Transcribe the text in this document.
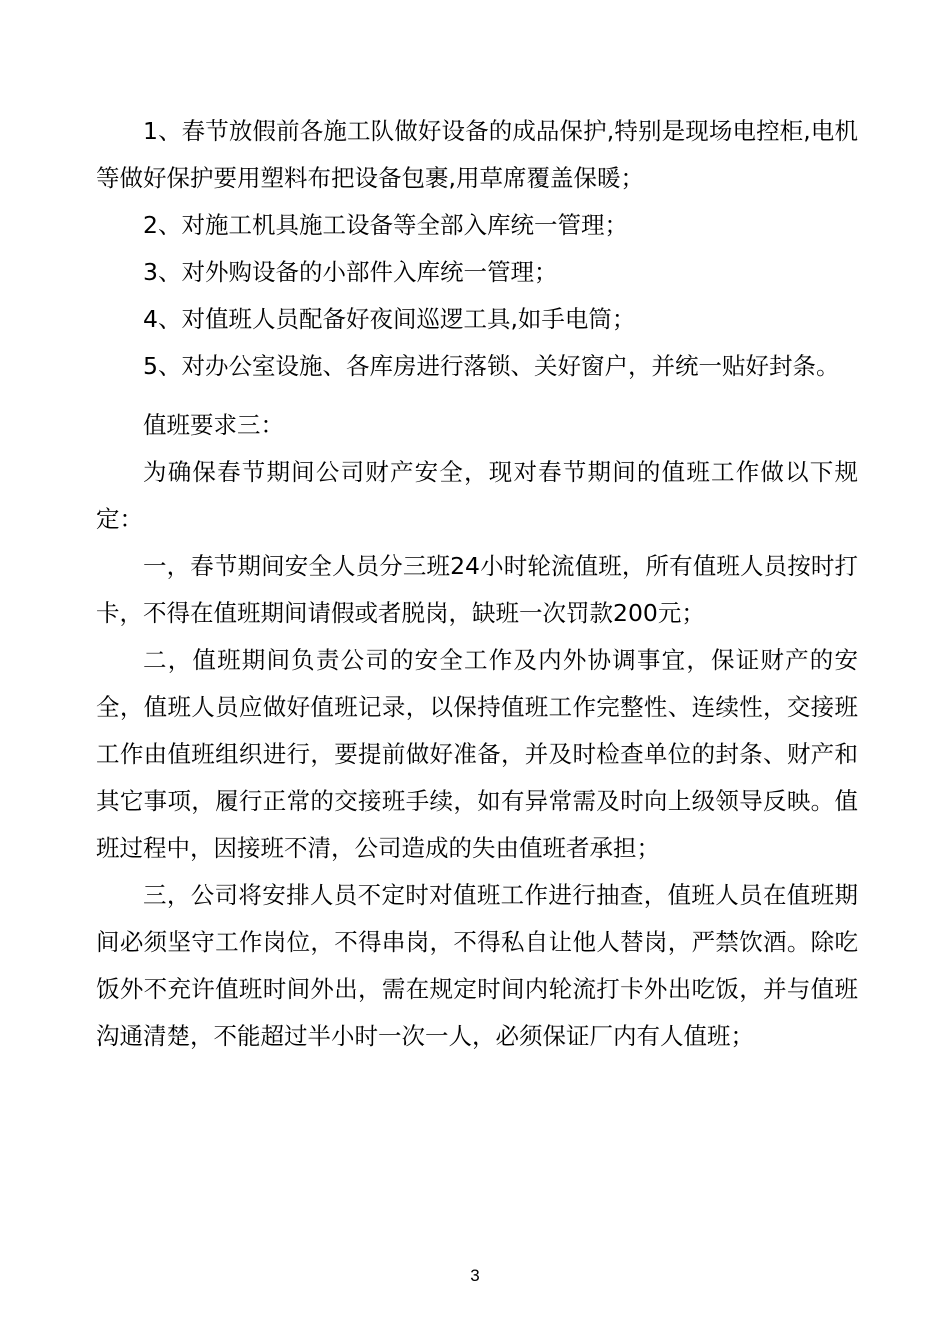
1、春节放假前各施工队做好设备的成品保护,特别是现场电控柜,电机等做好保护要用塑料布把设备包裹,用草席覆盖保暖；

2、对施工机具施工设备等全部入库统一管理；

3、对外购设备的小部件入库统一管理；

4、对值班人员配备好夜间巡逻工具,如手电筒；

5、对办公室设施、各库房进行落锁、关好窗户，并统一贴好封条。

值班要求三：

为确保春节期间公司财产安全，现对春节期间的值班工作做以下规定：

一，春节期间安全人员分三班24小时轮流值班，所有值班人员按时打卡，不得在值班期间请假或者脱岗，缺班一次罚款200元；

二，值班期间负责公司的安全工作及内外协调事宜，保证财产的安全，值班人员应做好值班记录，以保持值班工作完整性、连续性，交接班工作由值班组织进行，要提前做好准备，并及时检查单位的封条、财产和其它事项，履行正常的交接班手续，如有异常需及时向上级领导反映。值班过程中，因接班不清，公司造成的失由值班者承担；

三，公司将安排人员不定时对值班工作进行抽查，值班人员在值班期间必须坚守工作岗位，不得串岗，不得私自让他人替岗，严禁饮酒。除吃饭外不充许值班时间外出，需在规定时间内轮流打卡外出吃饭，并与值班沟通清楚，不能超过半小时一次一人，必须保证厂内有人值班；

3
